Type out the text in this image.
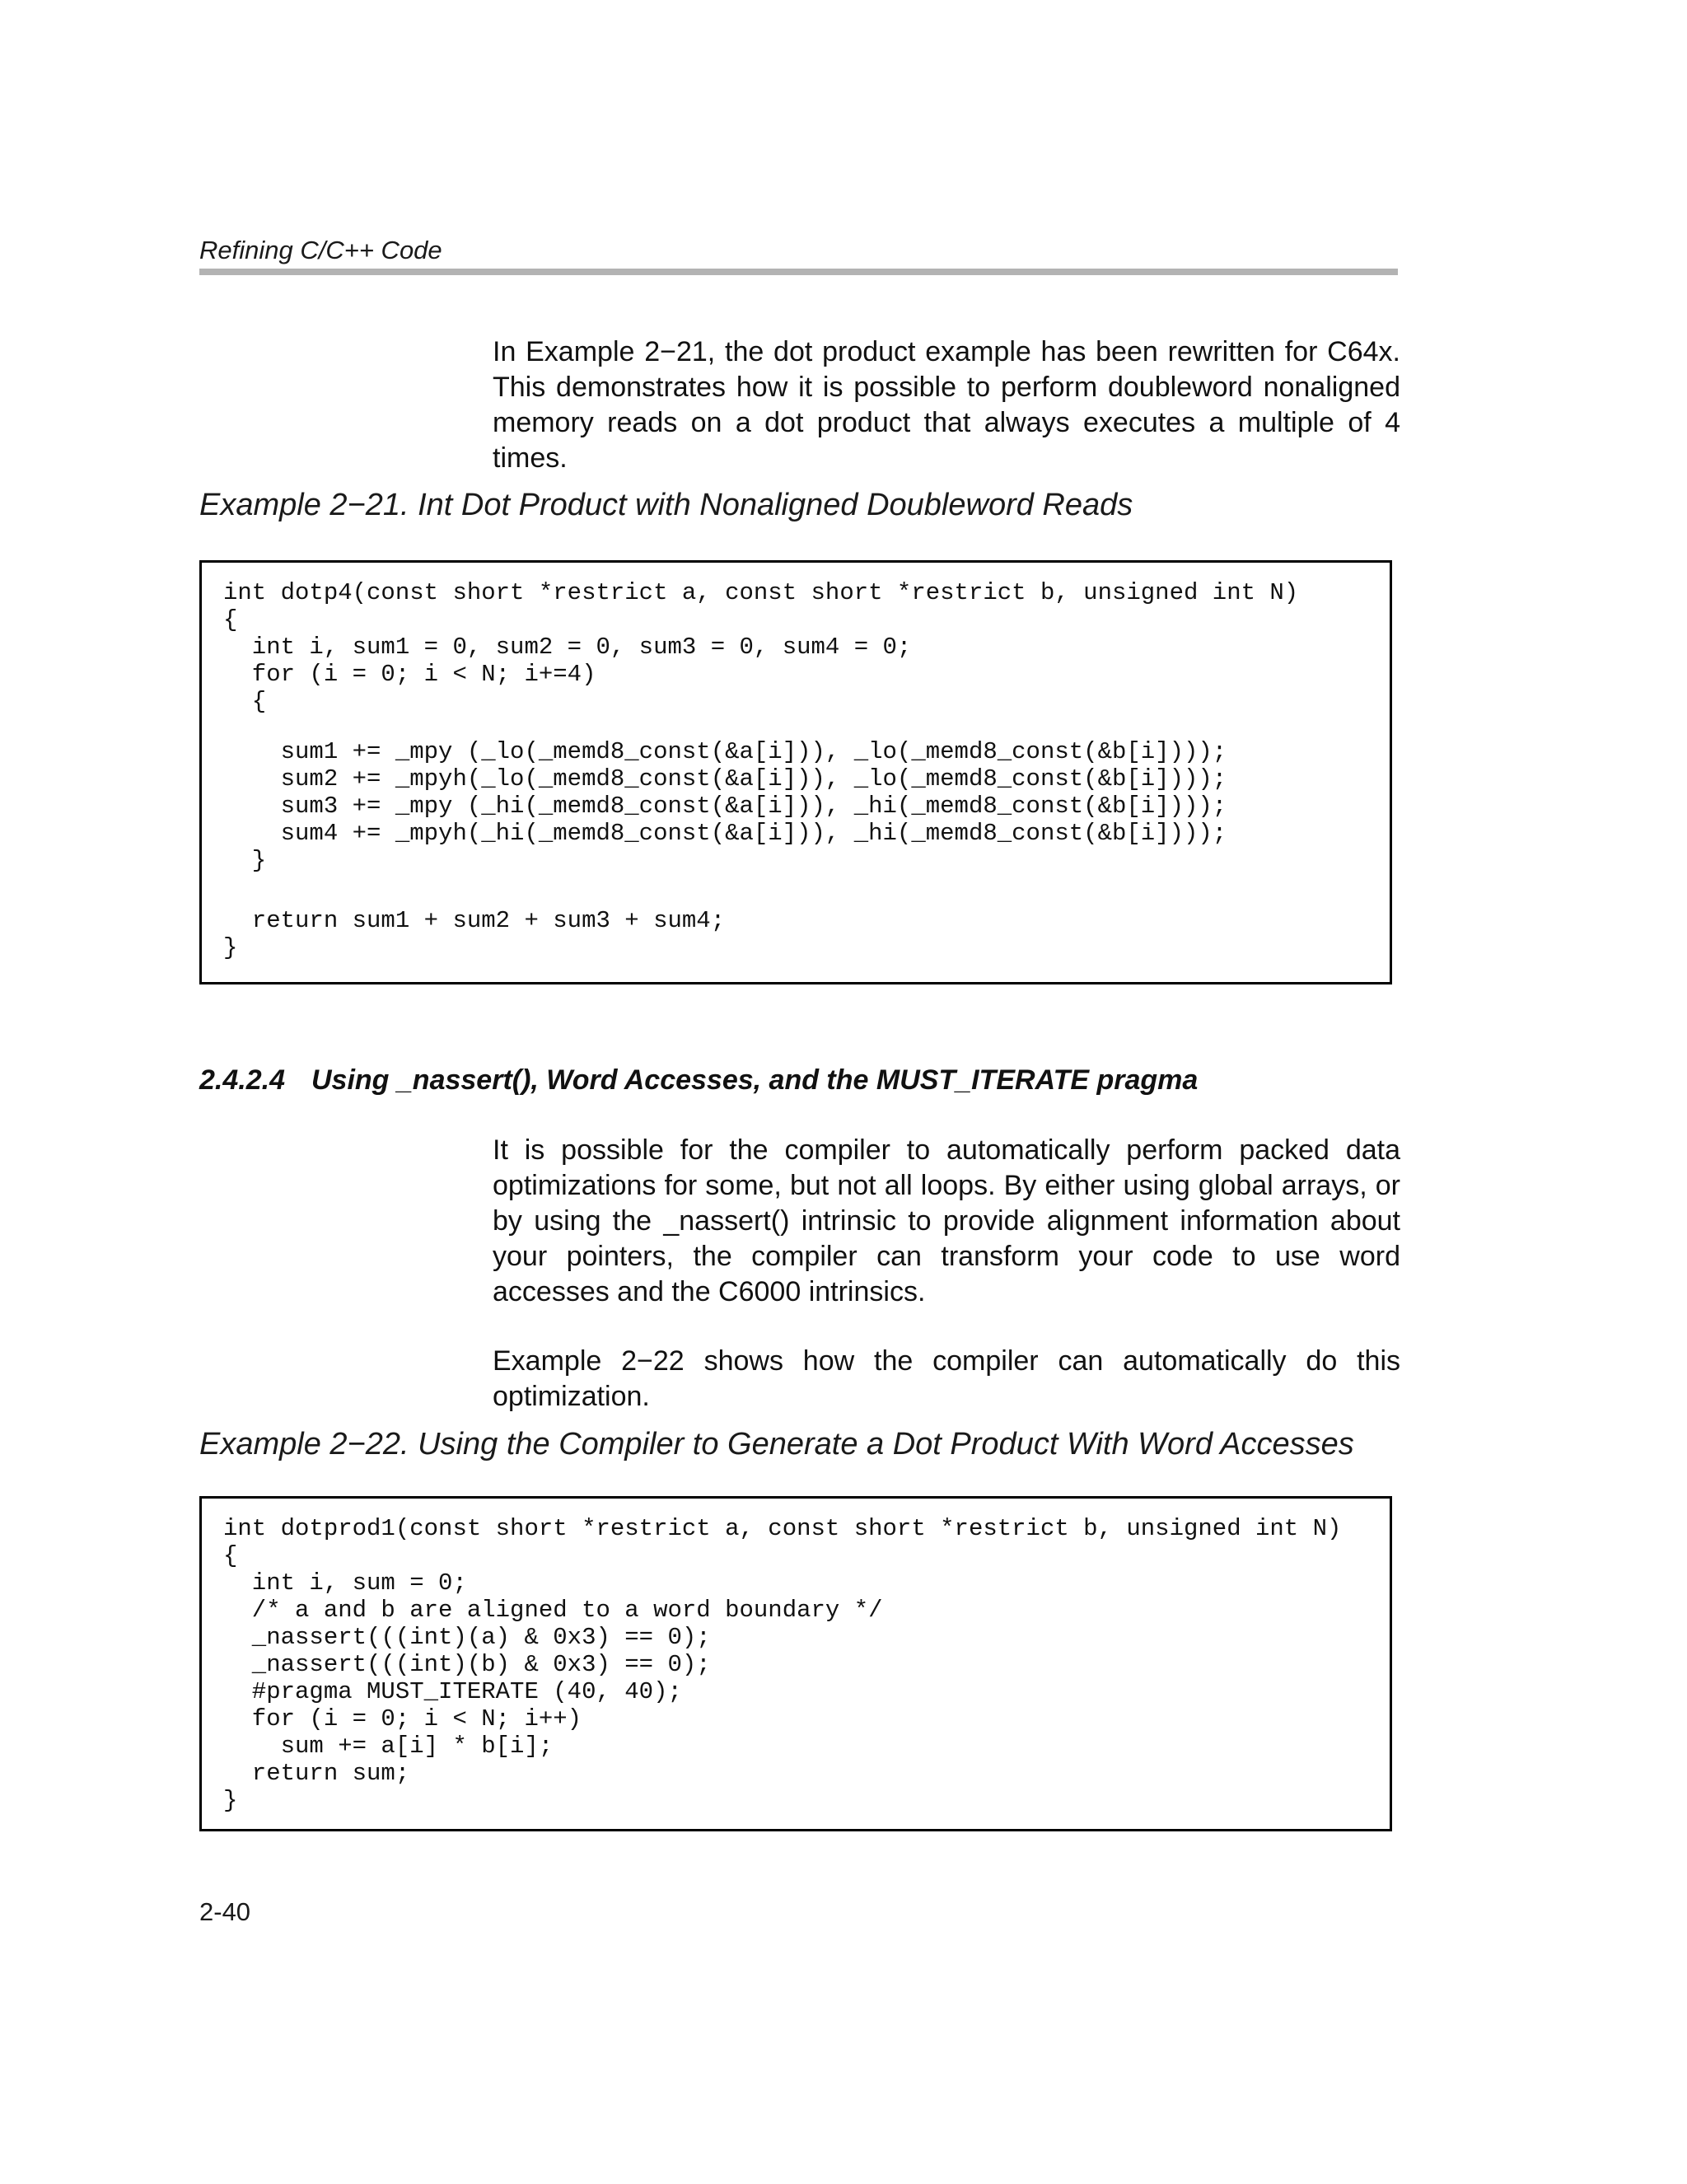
Refining C/C++ Code

In Example 2−21, the dot product example has been rewritten for C64x. This demonstrates how it is possible to perform doubleword nonaligned memory reads on a dot product that always executes a multiple of 4 times.

Example 2−21. Int Dot Product with Nonaligned Doubleword Reads
int dotp4(const short *restrict a, const short *restrict b, unsigned int N)
{
int i, sum1 = 0, sum2 = 0, sum3 = 0, sum4 = 0;
for (i = 0; i < N; i+=4)
{
sum1 += _mpy (_lo(_memd8_const(&a[i])), _lo(_memd8_const(&b[i])));
sum2 += _mpyh(_lo(_memd8_const(&a[i])), _lo(_memd8_const(&b[i])));
sum3 += _mpy (_hi(_memd8_const(&a[i])), _hi(_memd8_const(&b[i])));
sum4 += _mpyh(_hi(_memd8_const(&a[i])), _hi(_memd8_const(&b[i])));
}
return sum1 + sum2 + sum3 + sum4;
}
2.4.2.4 Using _nassert(), Word Accesses, and the MUST_ITERATE pragma

It is possible for the compiler to automatically perform packed data optimizations for some, but not all loops. By either using global arrays, or by using the _nassert() intrinsic to provide alignment information about your pointers, the compiler can transform your code to use word accesses and the C6000 intrinsics.

Example 2−22 shows how the compiler can automatically do this optimization.

Example 2−22. Using the Compiler to Generate a Dot Product With Word Accesses
int dotprod1(const short *restrict a, const short *restrict b, unsigned int N)
{
int i, sum = 0;
/* a and b are aligned to a word boundary */
_nassert(((int)(a) & 0x3) == 0);
_nassert(((int)(b) & 0x3) == 0);
#pragma MUST_ITERATE (40, 40);
for (i = 0; i < N; i++)
sum += a[i] * b[i];
return sum;
}
2-40
